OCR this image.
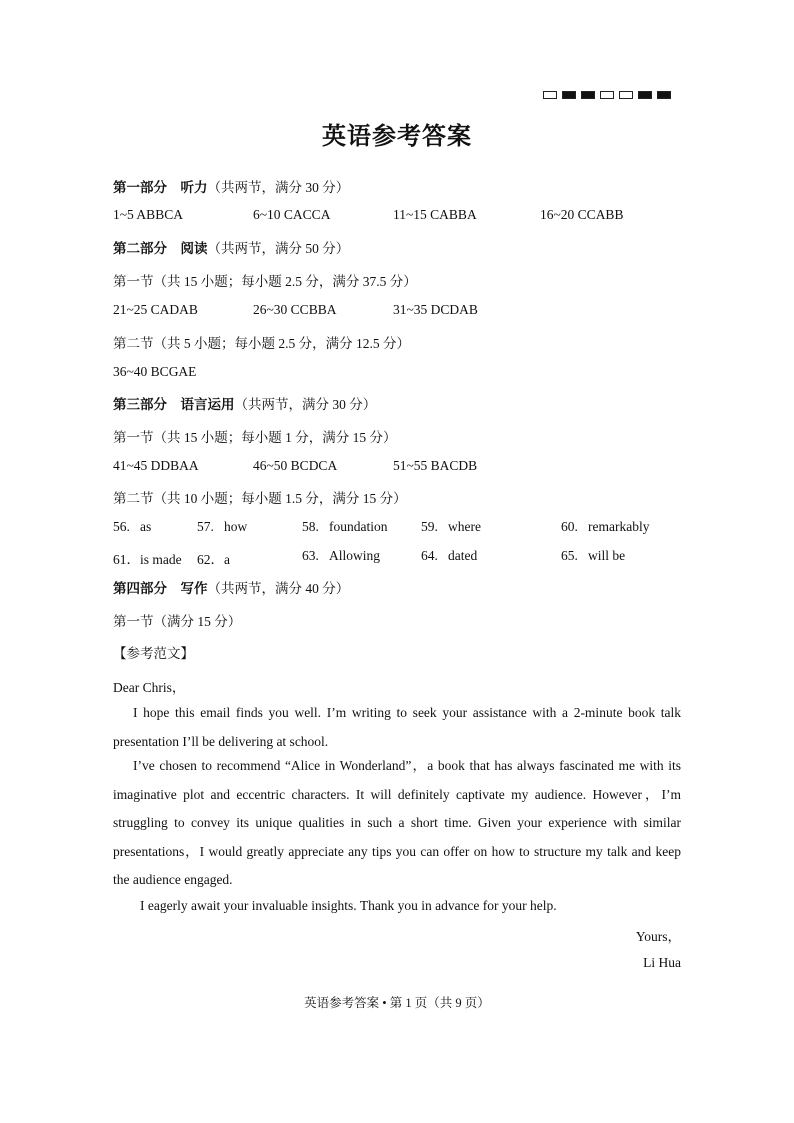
英语参考答案
第一部分　听力（共两节，满分 30 分）
1~5 ABBCA	6~10 CACCA	11~15 CABBA	16~20 CCABB
第二部分　阅读（共两节，满分 50 分）
第一节（共 15 小题；每小题 2.5 分，满分 37.5 分）
21~25 CADAB	26~30 CCBBA	31~35 DCDAB
第二节（共 5 小题；每小题 2.5 分，满分 12.5 分）
36~40 BCGAE
第三部分　语言运用（共两节，满分 30 分）
第一节（共 15 小题；每小题 1 分，满分 15 分）
41~45 DDBAA	46~50 BCDCA	51~55 BACDB
第二节（共 10 小题；每小题 1.5 分，满分 15 分）
56. as	57. how	58. foundation 59. where	60. remarkably
61．is made 62．a	63. Allowing	64. dated	65. will be
第四部分　写作（共两节，满分 40 分）
第一节（满分 15 分）
【参考范文】
Dear Chris，
I hope this email finds you well. I’m writing to seek your assistance with a 2-minute book talk presentation I’ll be delivering at school.
I’ve chosen to recommend “Alice in Wonderland”，a book that has always fascinated me with its imaginative plot and eccentric characters. It will definitely captivate my audience. However，I’m struggling to convey its unique qualities in such a short time. Given your experience with similar presentations，I would greatly appreciate any tips you can offer on how to structure my talk and keep the audience engaged.
I eagerly await your invaluable insights. Thank you in advance for your help.
Yours，
Li Hua
英语参考答案 • 第 1 页（共 9 页）
